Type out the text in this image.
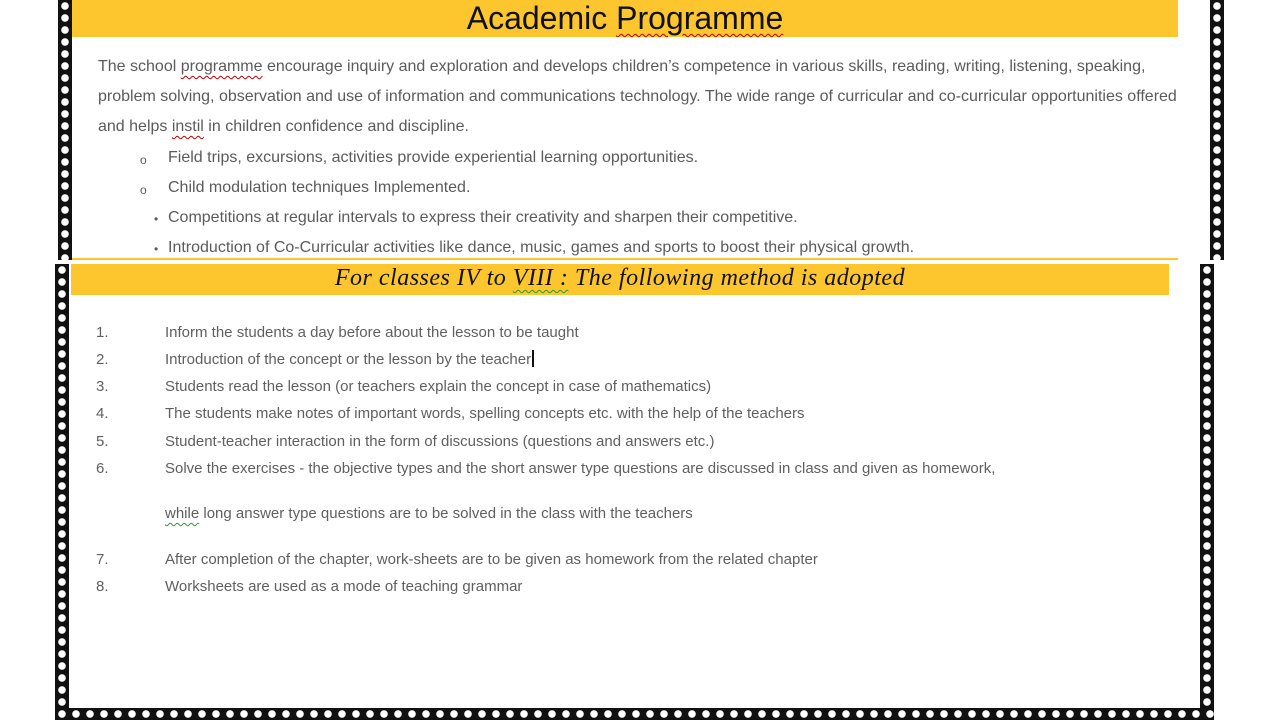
Academic Programme
The school programme encourage inquiry and exploration and develops children’s competence in various skills, reading, writing, listening, speaking, problem solving, observation and use of information and communications technology. The wide range of curricular and co-curricular opportunities offered and helps instil in children confidence and discipline.
o Field trips, excursions, activities provide experiential learning opportunities.
o Child modulation techniques Implemented.
• Competitions at regular intervals to express their creativity and sharpen their competitive.
• Introduction of Co-Curricular activities like dance, music, games and sports to boost their physical growth.
For classes IV to VIII : The following method is adopted
1.	Inform the students a day before about the lesson to be taught
2.	Introduction of the concept or the lesson by the teacher
3.	Students read the lesson (or teachers explain the concept in case of mathematics)
4.	The students make notes of important words, spelling concepts etc. with the help of the teachers
5.	Student-teacher interaction in the form of discussions (questions and answers etc.)
6.	Solve the exercises - the objective types and the short answer type questions are discussed in class and given as homework,
while long answer type questions are to be solved in the class with the teachers
7.	After completion of the chapter, work-sheets are to be given as homework from the related chapter
8.	Worksheets are used as a mode of teaching grammar
